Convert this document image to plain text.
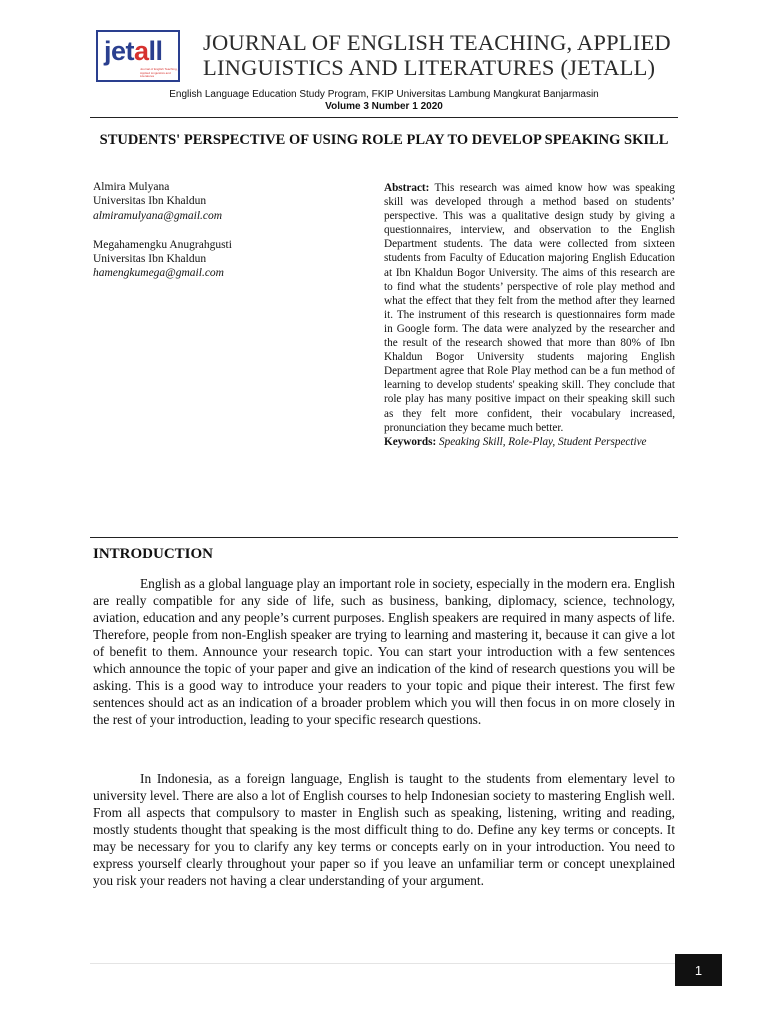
jetall
Journal of English Teaching, Applied Linguistics and Literatures
JOURNAL OF ENGLISH TEACHING, APPLIED LINGUISTICS AND LITERATURES (JETALL)
English Language Education Study Program, FKIP Universitas Lambung Mangkurat Banjarmasin
Volume 3 Number 1 2020
STUDENTS' PERSPECTIVE OF USING ROLE PLAY TO DEVELOP SPEAKING SKILL
Almira Mulyana
Universitas Ibn Khaldun
almiramulyana@gmail.com
Megahamengku Anugrahgusti
Universitas Ibn Khaldun
hamengkumega@gmail.com
Abstract: This research was aimed know how was speaking skill was developed through a method based on students’ perspective. This was a qualitative design study by giving a questionnaires, interview, and observation to the English Department students. The data were collected from sixteen students from Faculty of Education majoring English Education at Ibn Khaldun Bogor University. The aims of this research are to find what the students’ perspective of role play method and what the effect that they felt from the method after they learned it. The instrument of this research is questionnaires form made in Google form. The data were analyzed by the researcher and the result of the research showed that more than 80% of Ibn Khaldun Bogor University students majoring English Department agree that Role Play method can be a fun method of learning to develop students' speaking skill. They conclude that role play has many positive impact on their speaking skill such as they felt more confident, their vocabulary increased, pronunciation they became much better.
Keywords: Speaking Skill, Role-Play, Student Perspective
INTRODUCTION

English as a global language play an important role in society, especially in the modern era. English are really compatible for any side of life, such as business, banking, diplomacy, science, technology, aviation, education and any people’s current purposes. English speakers are required in many aspects of life. Therefore, people from non-English speaker are trying to learning and mastering it, because it can give a lot of benefit to them. Announce your research topic. You can start your introduction with a few sentences which announce the topic of your paper and give an indication of the kind of research questions you will be asking. This is a good way to introduce your readers to your topic and pique their interest. The first few sentences should act as an indication of a broader problem which you will then focus in on more closely in the rest of your introduction, leading to your specific research questions.

In Indonesia, as a foreign language, English is taught to the students from elementary level to university level. There are also a lot of English courses to help Indonesian society to mastering English well. From all aspects that compulsory to master in English such as speaking, listening, writing and reading, mostly students thought that speaking is the most difficult thing to do. Define any key terms or concepts. It may be necessary for you to clarify any key terms or concepts early on in your introduction. You need to express yourself clearly throughout your paper so if you leave an unfamiliar term or concept unexplained you risk your readers not having a clear understanding of your argument.

1
